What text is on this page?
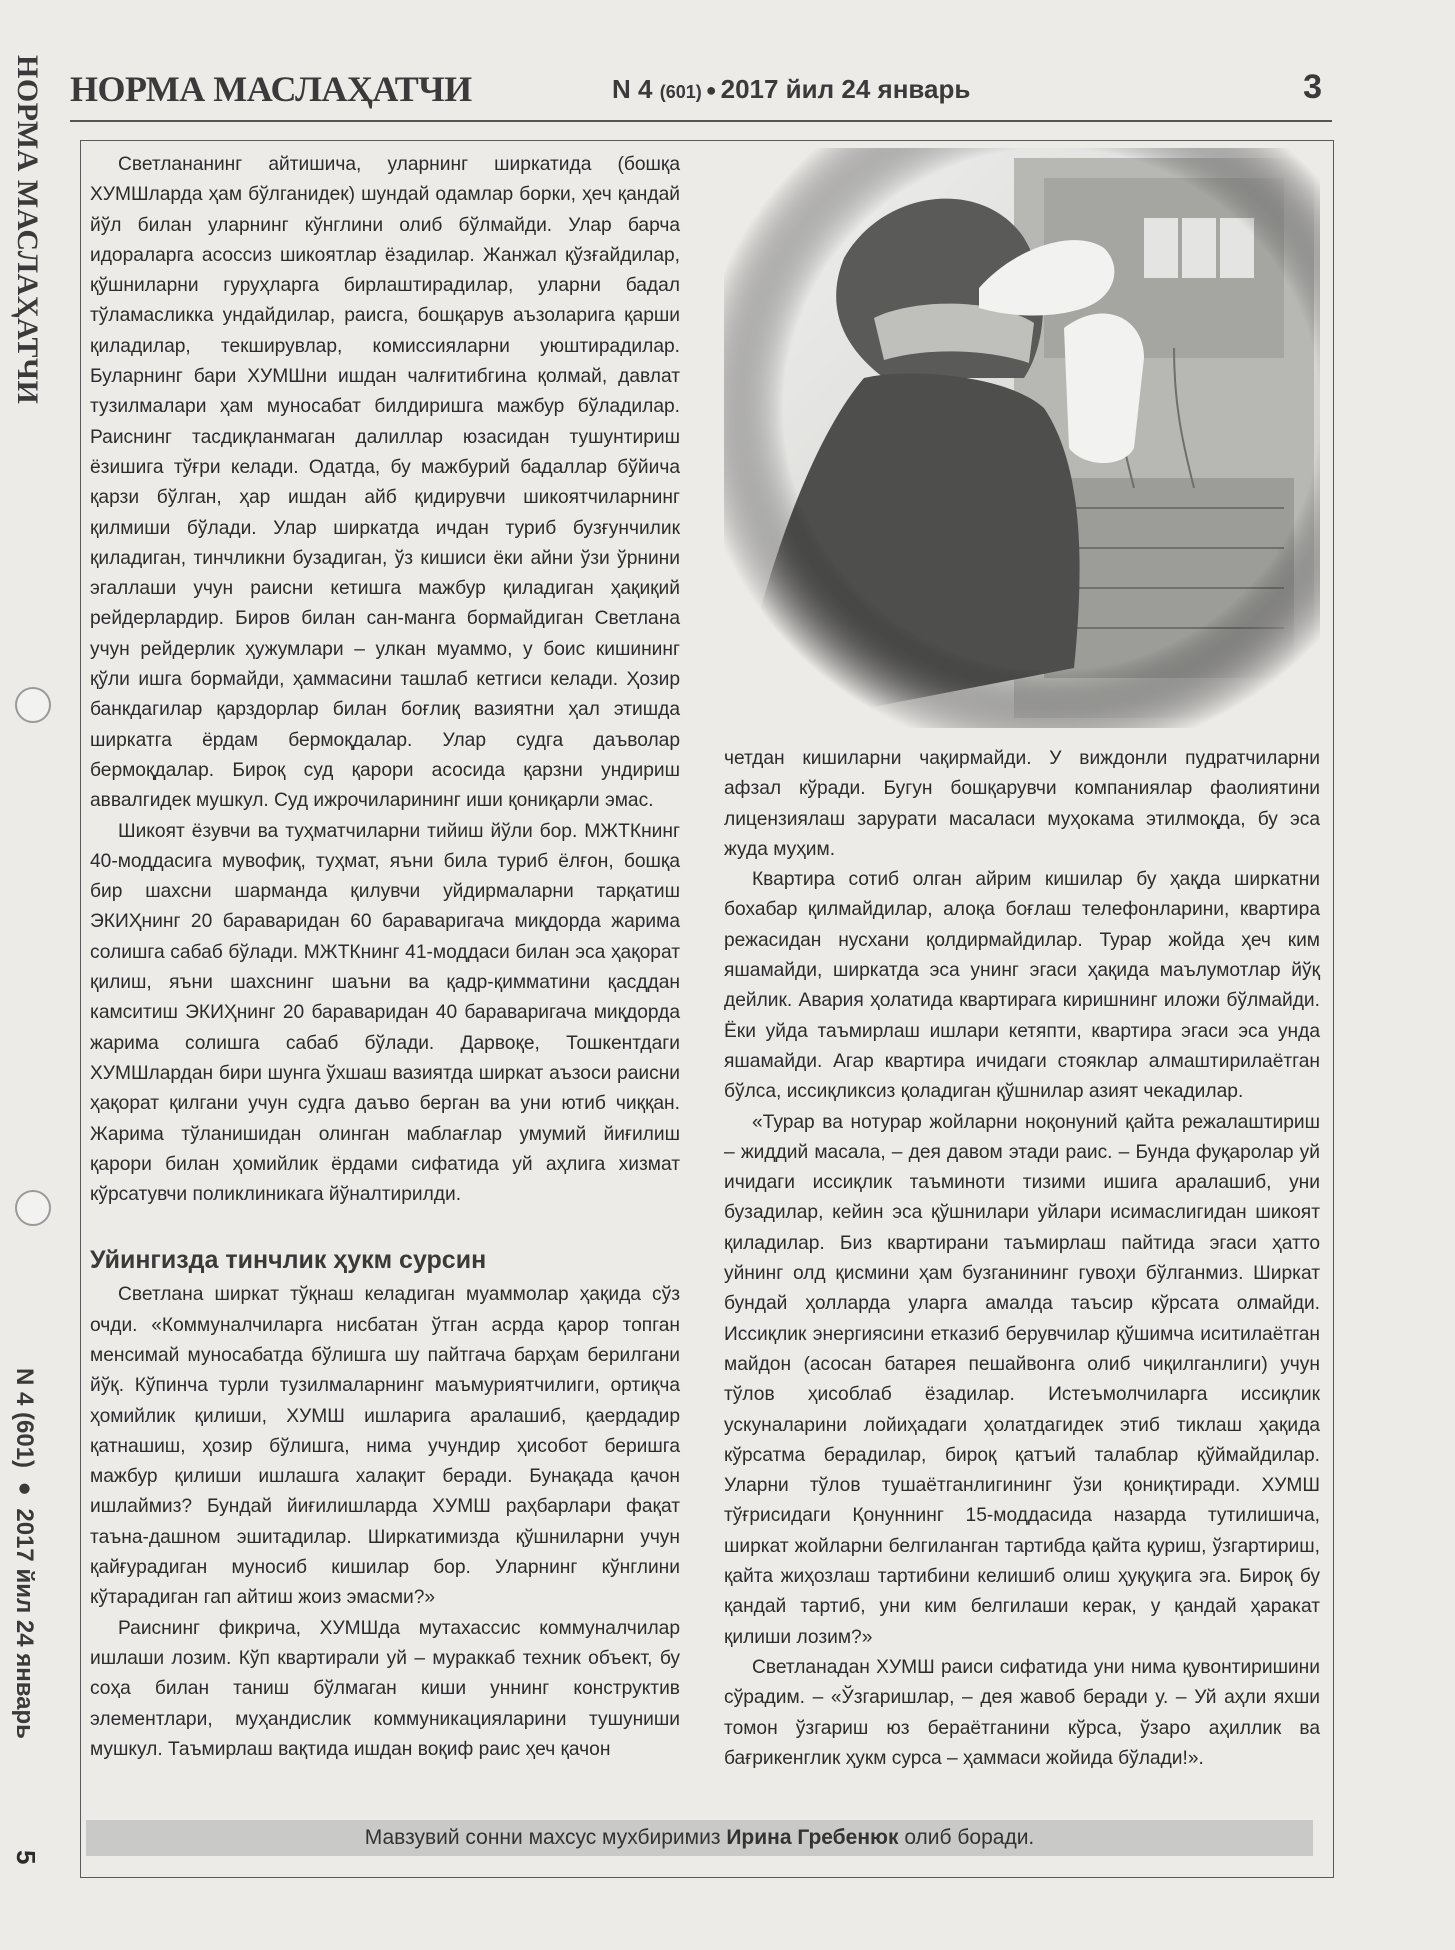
НОРМА МАСЛАҲАТЧИ
N 4 (601) ● 2017 йил 24 январь
5
НОРМА МАСЛАҲАТЧИ	N 4 (601) ● 2017 йил 24 январь	3

Светлананинг айтишича, уларнинг ширкатида (бошқа ХУМШларда ҳам бўлганидек) шундай одамлар борки, ҳеч қандай йўл билан уларнинг кўнглини олиб бўлмайди. Улар барча идораларга асоссиз шикоятлар ёзадилар. Жанжал қўзғайдилар, қўшниларни гуруҳларга бирлаштирадилар, уларни бадал тўламасликка ундайдилар, раисга, бошқарув аъзоларига қарши қиладилар, текширувлар, комиссияларни уюштирадилар. Буларнинг бари ХУМШни ишдан чалғитибгина қолмай, давлат тузилмалари ҳам муносабат билдиришга мажбур бўладилар. Раиснинг тасдиқланмаган далиллар юзасидан тушунтириш ёзишига тўғри келади. Одатда, бу мажбурий бадаллар бўйича қарзи бўлган, ҳар ишдан айб қидирувчи шикоятчиларнинг қилмиши бўлади. Улар ширкатда ичдан туриб бузғунчилик қиладиган, тинчликни бузадиган, ўз кишиси ёки айни ўзи ўрнини эгаллаши учун раисни кетишга мажбур қиладиган ҳақиқий рейдерлардир. Биров билан сан-манга бормайдиган Светлана учун рейдерлик ҳужумлари – улкан муаммо, у боис кишининг қўли ишга бормайди, ҳаммасини ташлаб кетгиси келади. Ҳозир банкдагилар қарздорлар билан боғлиқ вазиятни ҳал этишда ширкатга ёрдам бермоқдалар. Улар судга даъволар бермоқдалар. Бироқ суд қарори асосида қарзни ундириш аввалгидек мушкул. Суд ижрочиларининг иши қониқарли эмас.

Шикоят ёзувчи ва туҳматчиларни тийиш йўли бор. МЖТКнинг 40-моддасига мувофиқ, туҳмат, яъни била туриб ёлғон, бошқа бир шахсни шарманда қилувчи уйдирмаларни тарқатиш ЭКИҲнинг 20 бараваридан 60 бараваригача миқдорда жарима солишга сабаб бўлади. МЖТКнинг 41-моддаси билан эса ҳақорат қилиш, яъни шахснинг шаъни ва қадр-қимматини қасддан камситиш ЭКИҲнинг 20 бараваридан 40 бараваригача миқдорда жарима солишга сабаб бўлади. Дарвоқе, Тошкентдаги ХУМШлардан бири шунга ўхшаш вазиятда ширкат аъзоси раисни ҳақорат қилгани учун судга даъво берган ва уни ютиб чиққан. Жарима тўланишидан олинган маблағлар умумий йиғилиш қарори билан ҳомийлик ёрдами сифатида уй аҳлига хизмат кўрсатувчи поликлиникага йўналтирилди.

Уйингизда тинчлик ҳукм сурсин

Светлана ширкат тўқнаш келадиган муаммолар ҳақида сўз очди. «Коммуналчиларга нисбатан ўтган асрда қарор топган менсимай муносабатда бўлишга шу пайтгача барҳам берилгани йўқ. Кўпинча турли тузилмаларнинг маъмуриятчилиги, ортиқча ҳомийлик қилиши, ХУМШ ишларига аралашиб, қаердадир қатнашиш, ҳозир бўлишга, нима учундир ҳисобот беришга мажбур қилиши ишлашга халақит беради. Бунақада қачон ишлаймиз? Бундай йиғилишларда ХУМШ раҳбарлари фақат таъна-дашном эшитадилар. Ширкатимизда қўшниларни учун қайғурадиган муносиб кишилар бор. Уларнинг кўнглини кўтарадиган гап айтиш жоиз эмасми?»

Раиснинг фикрича, ХУМШда мутахассис коммуналчилар ишлаши лозим. Кўп квартирали уй – мураккаб техник объект, бу соҳа билан таниш бўлмаган киши уннинг конструктив элементлари, муҳандислик коммуникацияларини тушуниши мушкул. Таъмирлаш вақтида ишдан воқиф раис ҳеч қачон

четдан кишиларни чақирмайди. У виждонли пудратчиларни афзал кўради. Бугун бошқарувчи компаниялар фаолиятини лицензиялаш зарурати масаласи муҳокама этилмоқда, бу эса жуда муҳим.

Квартира сотиб олган айрим кишилар бу ҳақда ширкатни бохабар қилмайдилар, алоқа боғлаш телефонларини, квартира режасидан нусхани қолдирмайдилар. Турар жойда ҳеч ким яшамайди, ширкатда эса унинг эгаси ҳақида маълумотлар йўқ дейлик. Авария ҳолатида квартирага киришнинг иложи бўлмайди. Ёки уйда таъмирлаш ишлари кетяпти, квартира эгаси эса унда яшамайди. Агар квартира ичидаги стояклар алмаштирилаётган бўлса, иссиқликсиз қоладиган қўшнилар азият чекадилар.

«Турар ва нотурар жойларни ноқонуний қайта режалаштириш – жиддий масала, – дея давом этади раис. – Бунда фуқаролар уй ичидаги иссиқлик таъминоти тизими ишига аралашиб, уни бузадилар, кейин эса қўшнилари уйлари исимаслигидан шикоят қиладилар. Биз квартирани таъмирлаш пайтида эгаси ҳатто уйнинг олд қисмини ҳам бузганининг гувоҳи бўлганмиз. Ширкат бундай ҳолларда уларга амалда таъсир кўрсата олмайди. Иссиқлик энергиясини етказиб берувчилар қўшимча иситилаётган майдон (асосан батарея пешайвонга олиб чиқилганлиги) учун тўлов ҳисоблаб ёзадилар. Истеъмолчиларга иссиқлик ускуналарини лойиҳадаги ҳолатдагидек этиб тиклаш ҳақида кўрсатма берадилар, бироқ қатъий талаблар қўймайдилар. Уларни тўлов тушаётганлигининг ўзи қониқтиради. ХУМШ тўғрисидаги Қонуннинг 15-моддасида назарда тутилишича, ширкат жойларни белгиланган тартибда қайта қуриш, ўзгартириш, қайта жиҳозлаш тартибини келишиб олиш ҳуқуқига эга. Бироқ бу қандай тартиб, уни ким белгилаши керак, у қандай ҳаракат қилиши лозим?»

Светланадан ХУМШ раиси сифатида уни нима қувонтиришини сўрадим. – «Ўзгаришлар, – дея жавоб беради у. – Уй аҳли яхши томон ўзгариш юз бераётганини кўрса, ўзаро аҳиллик ва бағрикенглик ҳукм сурса – ҳаммаси жойида бўлади!».

Мавзувий сонни махсус мухбиримиз Ирина Гребенюк олиб боради.
